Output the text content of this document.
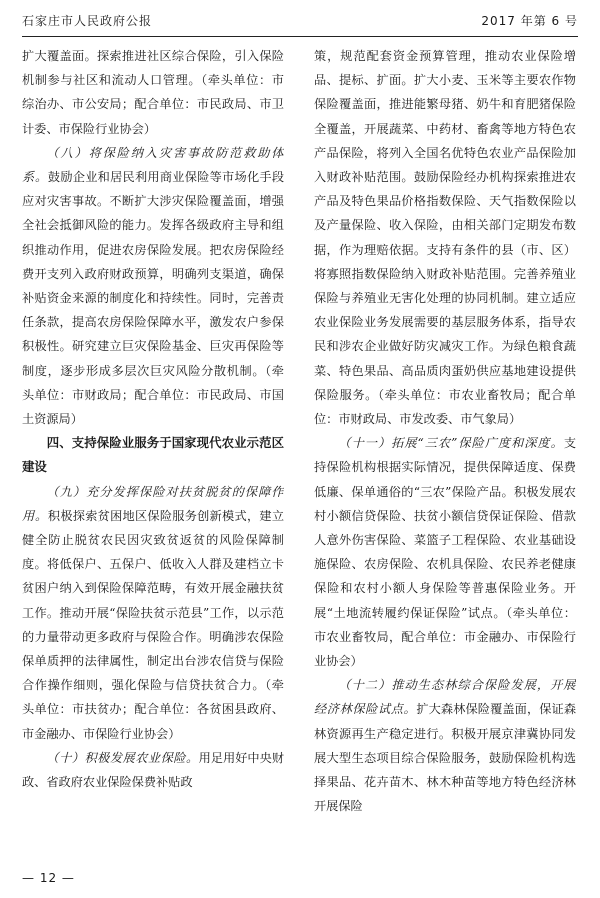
石家庄市人民政府公报	2017 年第 6 号

扩大覆盖面。探索推进社区综合保险，引入保险机制参与社区和流动人口管理。（牵头单位：市综治办、市公安局；配合单位：市民政局、市卫计委、市保险行业协会）

（八）将保险纳入灾害事故防范救助体系。鼓励企业和居民利用商业保险等市场化手段应对灾害事故。不断扩大涉灾保险覆盖面，增强全社会抵御风险的能力。发挥各级政府主导和组织推动作用，促进农房保险发展。把农房保险经费开支列入政府财政预算，明确列支渠道，确保补贴资金来源的制度化和持续性。同时，完善责任条款，提高农房保险保障水平，激发农户参保积极性。研究建立巨灾保险基金、巨灾再保险等制度，逐步形成多层次巨灾风险分散机制。（牵头单位：市财政局；配合单位：市民政局、市国土资源局）

四、支持保险业服务于国家现代农业示范区建设

（九）充分发挥保险对扶贫脱贫的保障作用。积极探索贫困地区保险服务创新模式，建立健全防止脱贫农民因灾致贫返贫的风险保障制度。将低保户、五保户、低收入人群及建档立卡贫困户纳入到保险保障范畴，有效开展金融扶贫工作。推动开展“保险扶贫示范县”工作，以示范的力量带动更多政府与保险合作。明确涉农保险保单质押的法律属性，制定出台涉农信贷与保险合作操作细则，强化保险与信贷扶贫合力。（牵头单位：市扶贫办；配合单位：各贫困县政府、市金融办、市保险行业协会）

（十）积极发展农业保险。用足用好中央财政、省政府农业保险保费补贴政

策，规范配套资金预算管理，推动农业保险增品、提标、扩面。扩大小麦、玉米等主要农作物保险覆盖面，推进能繁母猪、奶牛和育肥猪保险全覆盖，开展蔬菜、中药材、畜禽等地方特色农产品保险，将列入全国名优特色农业产品保险加入财政补贴范围。鼓励保险经办机构探索推进农产品及特色果品价格指数保险、天气指数保险以及产量保险、收入保险，由相关部门定期发布数据，作为理赔依据。支持有条件的县（市、区）将寡照指数保险纳入财政补贴范围。完善养殖业保险与养殖业无害化处理的协同机制。建立适应农业保险业务发展需要的基层服务体系，指导农民和涉农企业做好防灾减灾工作。为绿色粮食蔬菜、特色果品、高品质肉蛋奶供应基地建设提供保险服务。（牵头单位：市农业畜牧局；配合单位：市财政局、市发改委、市气象局）

（十一）拓展“三农”保险广度和深度。支持保险机构根据实际情况，提供保障适度、保费低廉、保单通俗的“三农”保险产品。积极发展农村小额信贷保险、扶贫小额信贷保证保险、借款人意外伤害保险、菜篮子工程保险、农业基础设施保险、农房保险、农机具保险、农民养老健康保险和农村小额人身保险等普惠保险业务。开展“土地流转履约保证保险”试点。（牵头单位：市农业畜牧局，配合单位：市金融办、市保险行业协会）

（十二）推动生态林综合保险发展，开展经济林保险试点。扩大森林保险覆盖面，保证森林资源再生产稳定进行。积极开展京津冀协同发展大型生态项目综合保险服务，鼓励保险机构选择果品、花卉苗木、林木种苗等地方特色经济林开展保险

— 12 —
